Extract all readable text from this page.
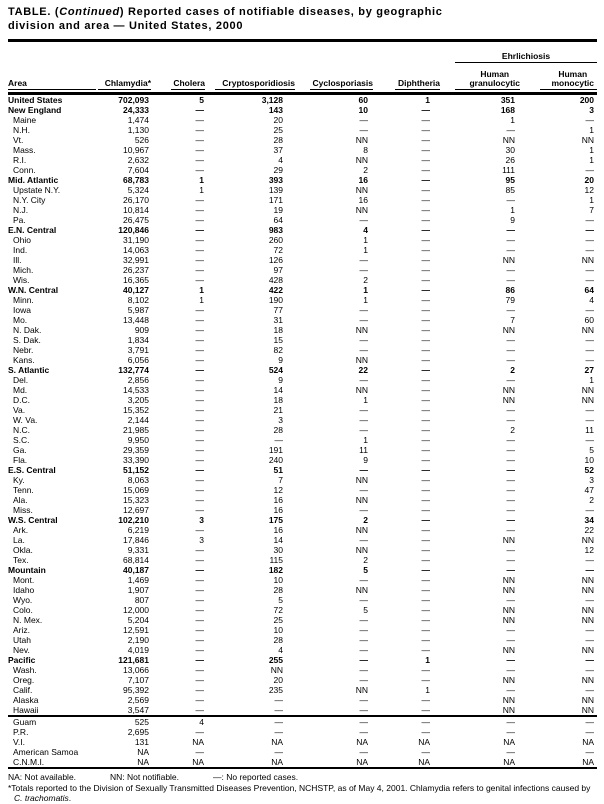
TABLE. (Continued) Reported cases of notifiable diseases, by geographic
division and area — United States, 2000

						Ehrlichiosis	

Area	Chlamydia*	Cholera	Cryptosporidiosis	Cyclosporiasis	Diphtheria	Human
granulocytic	Human
monocytic

United States	702,093	5	3,128	60	1	351	200
New England	24,333	—	143	10	—	168	3
Maine	1,474	—	20	—	—	1	—
N.H.	1,130	—	25	—	—	—	1
Vt.	526	—	28	NN	—	NN	NN
Mass.	10,967	—	37	8	—	30	1
R.I.	2,632	—	4	NN	—	26	1
Conn.	7,604	—	29	2	—	111	—
Mid. Atlantic	68,783	1	393	16	—	95	20
Upstate N.Y.	5,324	1	139	NN	—	85	12
N.Y. City	26,170	—	171	16	—	—	1
N.J.	10,814	—	19	NN	—	1	7
Pa.	26,475	—	64	—	—	9	—
E.N. Central	120,846	—	983	4	—	—	—
Ohio	31,190	—	260	1	—	—	—
Ind.	14,063	—	72	1	—	—	—
Ill.	32,991	—	126	—	—	NN	NN
Mich.	26,237	—	97	—	—	—	—
Wis.	16,365	—	428	2	—	—	—
W.N. Central	40,127	1	422	1	—	86	64
Minn.	8,102	1	190	1	—	79	4
Iowa	5,987	—	77	—	—	—	—
Mo.	13,448	—	31	—	—	7	60
N. Dak.	909	—	18	NN	—	NN	NN
S. Dak.	1,834	—	15	—	—	—	—
Nebr.	3,791	—	82	—	—	—	—
Kans.	6,056	—	9	NN	—	—	—
S. Atlantic	132,774	—	524	22	—	2	27
Del.	2,856	—	9	—	—	—	1
Md.	14,533	—	14	NN	—	NN	NN
D.C.	3,205	—	18	1	—	NN	NN
Va.	15,352	—	21	—	—	—	—
W. Va.	2,144	—	3	—	—	—	—
N.C.	21,985	—	28	—	—	2	11
S.C.	9,950	—	—	1	—	—	—
Ga.	29,359	—	191	11	—	—	5
Fla.	33,390	—	240	9	—	—	10
E.S. Central	51,152	—	51	—	—	—	52
Ky.	8,063	—	7	NN	—	—	3
Tenn.	15,069	—	12	—	—	—	47
Ala.	15,323	—	16	NN	—	—	2
Miss.	12,697	—	16	—	—	—	—
W.S. Central	102,210	3	175	2	—	—	34
Ark.	6,219	—	16	NN	—	—	22
La.	17,846	3	14	—	—	NN	NN
Okla.	9,331	—	30	NN	—	—	12
Tex.	68,814	—	115	2	—	—	—
Mountain	40,187	—	182	5	—	—	—
Mont.	1,469	—	10	—	—	NN	NN
Idaho	1,907	—	28	NN	—	NN	NN
Wyo.	807	—	5	—	—	—	—
Colo.	12,000	—	72	5	—	NN	NN
N. Mex.	5,204	—	25	—	—	NN	NN
Ariz.	12,591	—	10	—	—	—	—
Utah	2,190	—	28	—	—	—	—
Nev.	4,019	—	4	—	—	NN	NN
Pacific	121,681	—	255	—	1	—	—
Wash.	13,066	—	NN	—	—	—	—
Oreg.	7,107	—	20	—	—	NN	NN
Calif.	95,392	—	235	NN	1	—	—
Alaska	2,569	—	—	—	—	NN	NN
Hawaii	3,547	—	—	—	—	NN	NN
Guam	525	4	—	—	—	—	—
P.R.	2,695	—	—	—	—	—	—
V.I.	131	NA	NA	NA	NA	NA	NA
American Samoa	NA	—	—	—	—	—	—
C.N.M.I.	NA	NA	NA	NA	NA	NA	NA
NA: Not available.	NN: Not notifiable.	—: No reported cases.
*Totals reported to the Division of Sexually Transmitted Diseases Prevention, NCHSTP, as of May 4, 2001. Chlamydia refers to genital infections caused by C. trachomatis.
